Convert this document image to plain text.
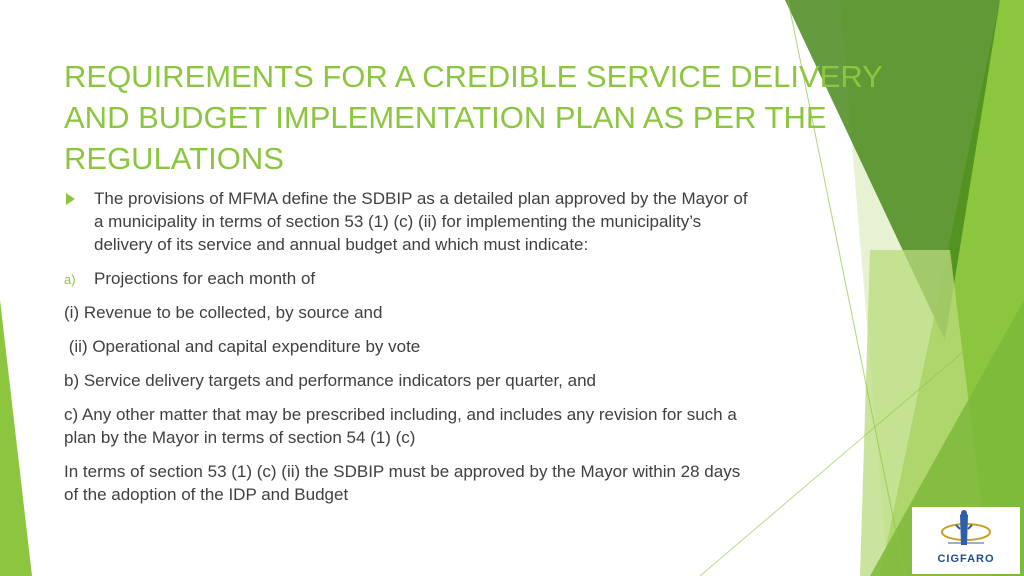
REQUIREMENTS FOR A CREDIBLE SERVICE DELIVERY
AND BUDGET IMPLEMENTATION PLAN AS PER THE
REGULATIONS
The provisions of MFMA define the SDBIP as a detailed plan approved by the Mayor of
a municipality in terms of section 53 (1) (c) (ii) for implementing the municipality’s
delivery of its service and annual budget and which must indicate:
a) Projections for each month of
(i) Revenue to be collected, by source and
(ii) Operational and capital expenditure by vote
b) Service delivery targets and performance indicators per quarter, and
c) Any other matter that may be prescribed including, and includes any revision for such a
plan by the Mayor in terms of section 54 (1) (c)
In terms of section 53 (1) (c) (ii) the SDBIP must be approved by the Mayor within 28 days
of the adoption of the IDP and Budget
CIGFARO
